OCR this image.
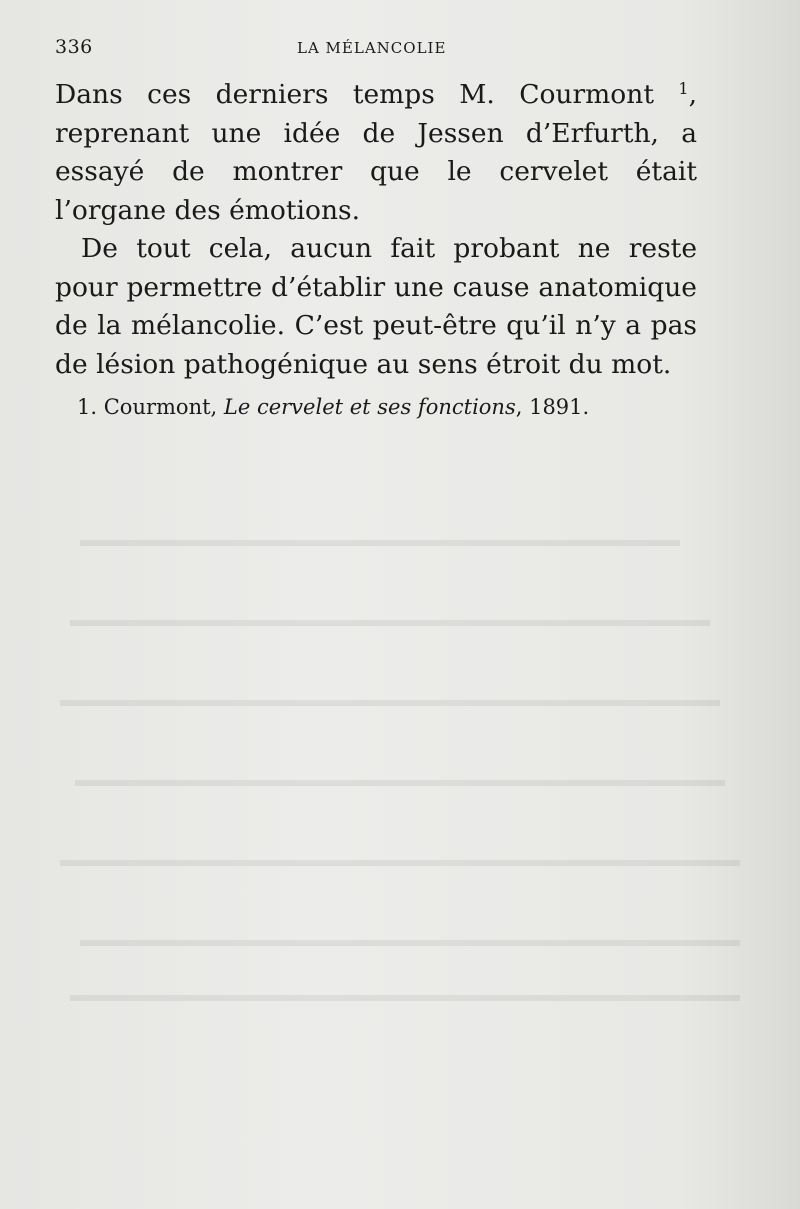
336	LA MÉLANCOLIE

Dans ces derniers temps M. Courmont $^1$, reprenant une idée de Jessen d’Erfurth, a essayé de montrer que le cervelet était l’organe des émotions.

De tout cela, aucun fait probant ne reste pour permettre d’établir une cause anatomique de la mélancolie. C’est peut-être qu’il n’y a pas de lésion pathogénique au sens étroit du mot.

1. Courmont, Le cervelet et ses fonctions, 1891.
